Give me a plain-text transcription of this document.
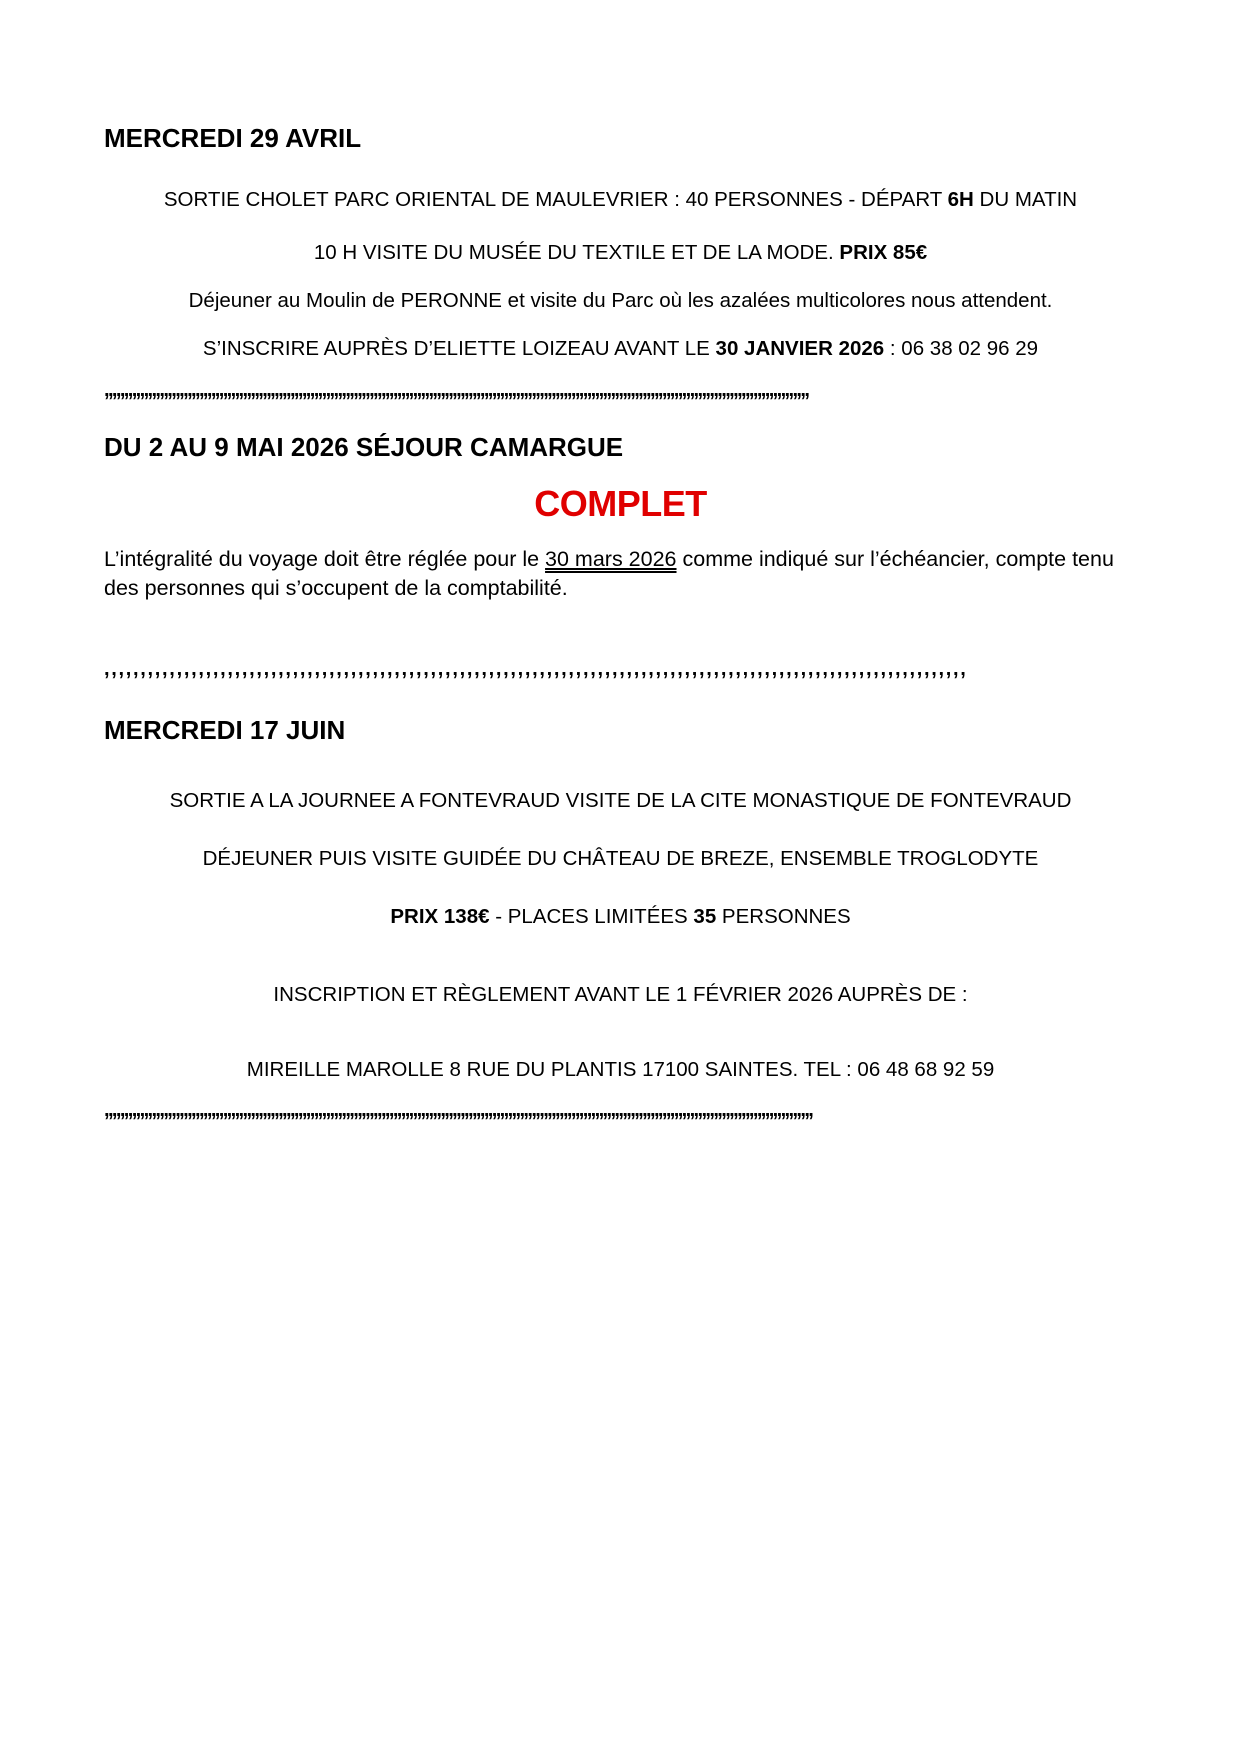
MERCREDI 29 AVRIL
SORTIE CHOLET PARC ORIENTAL DE MAULEVRIER : 40 PERSONNES - DÉPART 6H DU MATIN
10 H VISITE DU MUSÉE DU TEXTILE ET DE LA MODE. PRIX 85€
Déjeuner au Moulin de PERONNE et visite du Parc où les azalées multicolores nous attendent.
S’INSCRIRE AUPRÈS D’ELIETTE LOIZEAU AVANT LE 30 JANVIER 2026 : 06 38 02 96 29
,,,,,,,,,,,,,,,,,,,,,,,,,,,,,,,,,,,,,,,,,,,,,,,,,,,,,,,,,,,,,,,,,,,,,,,,,,,,,,,,,,,,,,,,,,,,,,,,,,,,,,,,,,,,,,,,,,,,,,,,,,,,,,,,,,,,,,,,,,,,,,,,,,,,,,,,,,,,,,,,,,,,,,,,,,,,,,,,,,
DU 2 AU 9 MAI 2026 SÉJOUR CAMARGUE
COMPLET
L’intégralité du voyage doit être réglée pour le 30 mars 2026 comme indiqué sur l’échéancier, compte tenu des personnes qui s’occupent de la comptabilité.
,,,,,,,,,,,,,,,,,,,,,,,,,,,,,,,,,,,,,,,,,,,,,,,,,,,,,,,,,,,,,,,,,,,,,,,,,,,,,,,,,,,,,,,,,,,,,,,,,,,,,,,,,,,,,,,,,,,,,,,
MERCREDI 17 JUIN
SORTIE A LA JOURNEE A FONTEVRAUD VISITE DE LA CITE MONASTIQUE DE FONTEVRAUD
DÉJEUNER PUIS VISITE GUIDÉE DU CHÂTEAU DE BREZE, ENSEMBLE TROGLODYTE
PRIX 138€ - PLACES LIMITÉES 35 PERSONNES
INSCRIPTION ET RÈGLEMENT AVANT LE 1 FÉVRIER 2026 AUPRÈS DE :
MIREILLE MAROLLE 8 RUE DU PLANTIS 17100 SAINTES. TEL : 06 48 68 92 59
,,,,,,,,,,,,,,,,,,,,,,,,,,,,,,,,,,,,,,,,,,,,,,,,,,,,,,,,,,,,,,,,,,,,,,,,,,,,,,,,,,,,,,,,,,,,,,,,,,,,,,,,,,,,,,,,,,,,,,,,,,,,,,,,,,,,,,,,,,,,,,,,,,,,,,,,,,,,,,,,,,,,,,,,,,,,,,,,,,,
